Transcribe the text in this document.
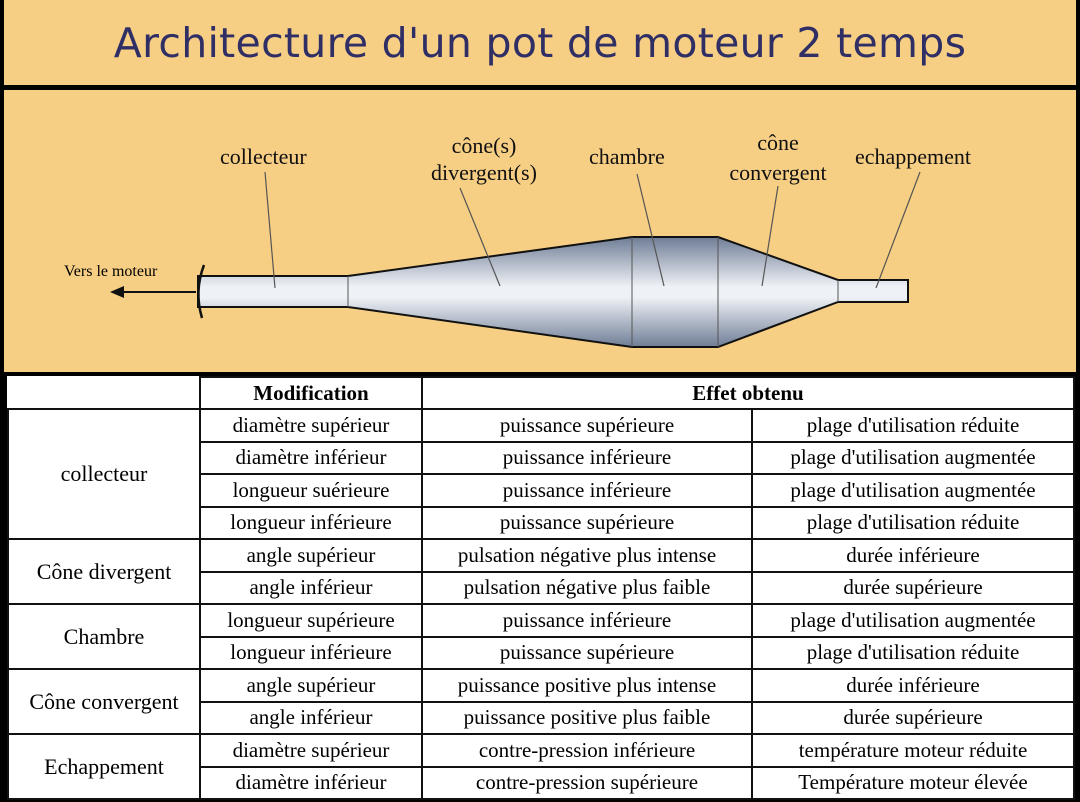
Architecture d'un pot de moteur 2 temps
collecteur	cône(s)
divergent(s)
chambre
cône
convergent
echappement
Vers le moteur
	Modification	Effet obtenu	
collecteur	diamètre supérieur	puissance supérieure	plage d'utilisation réduite
	diamètre inférieur	puissance inférieure	plage d'utilisation augmentée
	longueur suérieure	puissance inférieure	plage d'utilisation augmentée
	longueur inférieure	puissance supérieure	plage d'utilisation réduite
Cône divergent	angle supérieur	pulsation négative plus intense	durée inférieure
	angle inférieur	pulsation négative plus faible	durée supérieure
Chambre	longueur supérieure	puissance inférieure	plage d'utilisation augmentée
	longueur inférieure	puissance supérieure	plage d'utilisation réduite
Cône convergent	angle supérieur	puissance positive plus intense	durée inférieure
	angle inférieur	puissance positive plus faible	durée supérieure
Echappement	diamètre supérieur	contre-pression inférieure	température moteur réduite
	diamètre inférieur	contre-pression supérieure	Température moteur élevée
